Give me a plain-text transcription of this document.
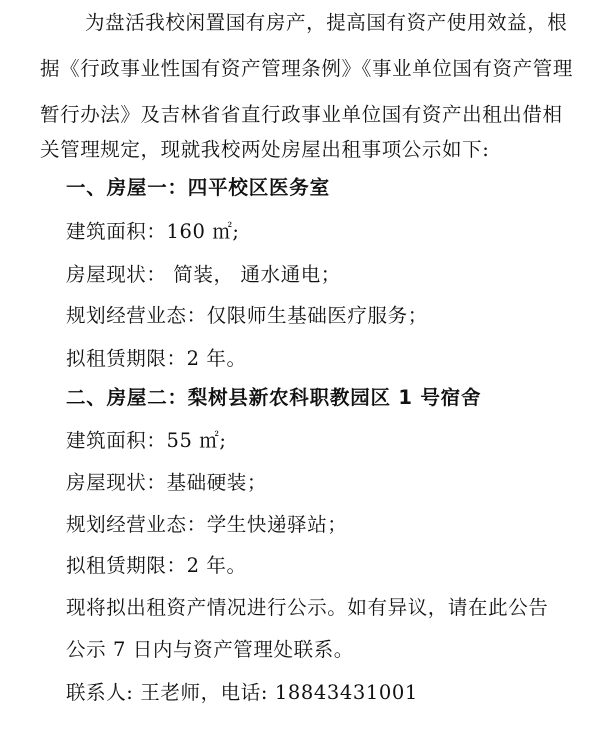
为盘活我校闲置国有房产，提高国有资产使用效益，根
据《行政事业性国有资产管理条例》《事业单位国有资产管理
暂行办法》及吉林省省直行政事业单位国有资产出租出借相
关管理规定，现就我校两处房屋出租事项公示如下:
一、房屋一：四平校区医务室
建筑面积：160 ㎡;
房屋现状： 简装， 通水通电；
规划经营业态：仅限师生基础医疗服务；
拟租赁期限：2 年。
二、房屋二：梨树县新农科职教园区 1 号宿舍
建筑面积：55 ㎡;
房屋现状：基础硬装；
规划经营业态：学生快递驿站；
拟租赁期限：2 年。
现将拟出租资产情况进行公示。如有异议，请在此公告
公示 7 日内与资产管理处联系。
联系人: 王老师，电话: 18843431001
